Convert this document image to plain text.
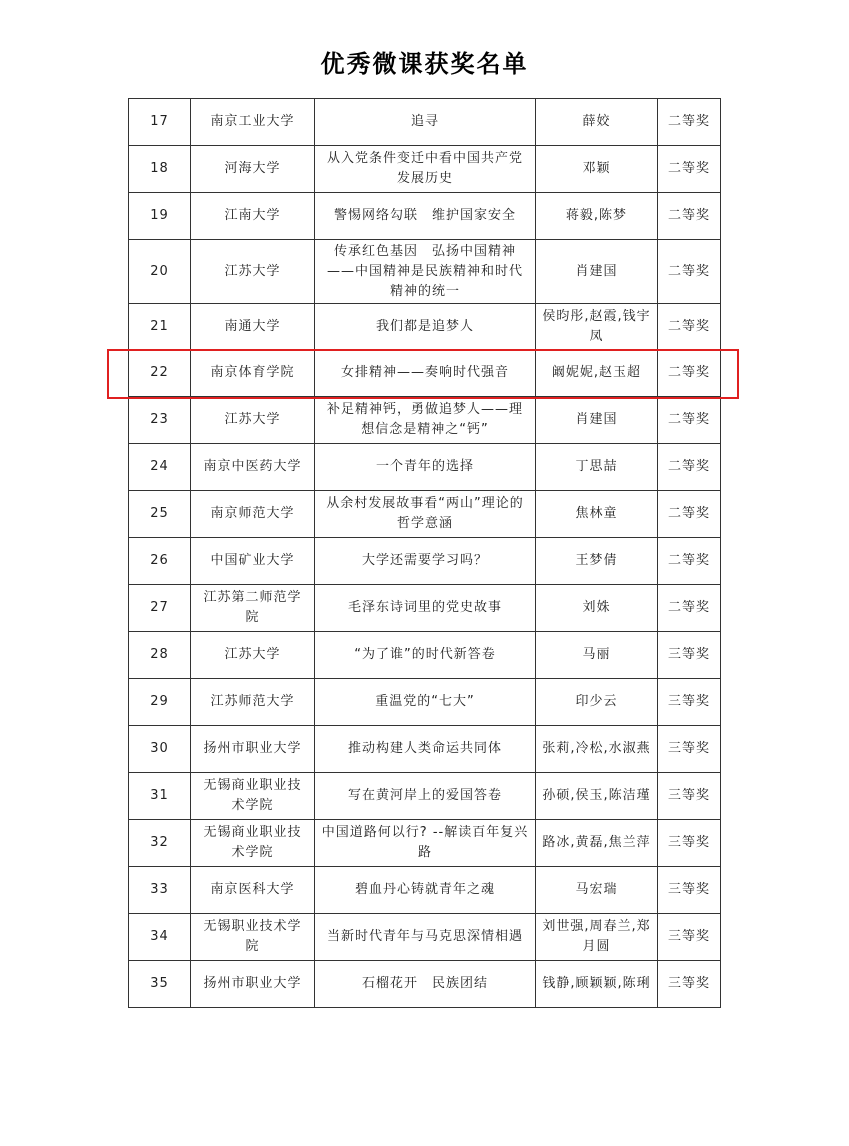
优秀微课获奖名单
17	南京工业大学	追寻	薛姣	二等奖
18	河海大学	从入党条件变迁中看中国共产党发展历史	邓颖	二等奖
19	江南大学	警惕网络勾联　维护国家安全	蒋毅,陈梦	二等奖
20	江苏大学	传承红色基因　弘扬中国精神——中国精神是民族精神和时代精神的统一	肖建国	二等奖
21	南通大学	我们都是追梦人	侯昀彤,赵霞,钱宇凤	二等奖
22	南京体育学院	女排精神——奏响时代强音	阚妮妮,赵玉超	二等奖
23	江苏大学	补足精神钙，勇做追梦人——理想信念是精神之“钙”	肖建国	二等奖
24	南京中医药大学	一个青年的选择	丁思喆	二等奖
25	南京师范大学	从余村发展故事看“两山”理论的哲学意涵	焦林童	二等奖
26	中国矿业大学	大学还需要学习吗？	王梦倩	二等奖
27	江苏第二师范学院	毛泽东诗词里的党史故事	刘姝	二等奖
28	江苏大学	“为了谁”的时代新答卷	马丽	三等奖
29	江苏师范大学	重温党的“七大”	印少云	三等奖
30	扬州市职业大学	推动构建人类命运共同体	张莉,冷松,水淑燕	三等奖
31	无锡商业职业技术学院	写在黄河岸上的爱国答卷	孙硕,侯玉,陈洁瑾	三等奖
32	无锡商业职业技术学院	中国道路何以行? --解读百年复兴路	路冰,黄磊,焦兰萍	三等奖
33	南京医科大学	碧血丹心铸就青年之魂	马宏瑞	三等奖
34	无锡职业技术学院	当新时代青年与马克思深情相遇	刘世强,周春兰,郑月圆	三等奖
35	扬州市职业大学	石榴花开　民族团结	钱静,顾颖颖,陈琍	三等奖
